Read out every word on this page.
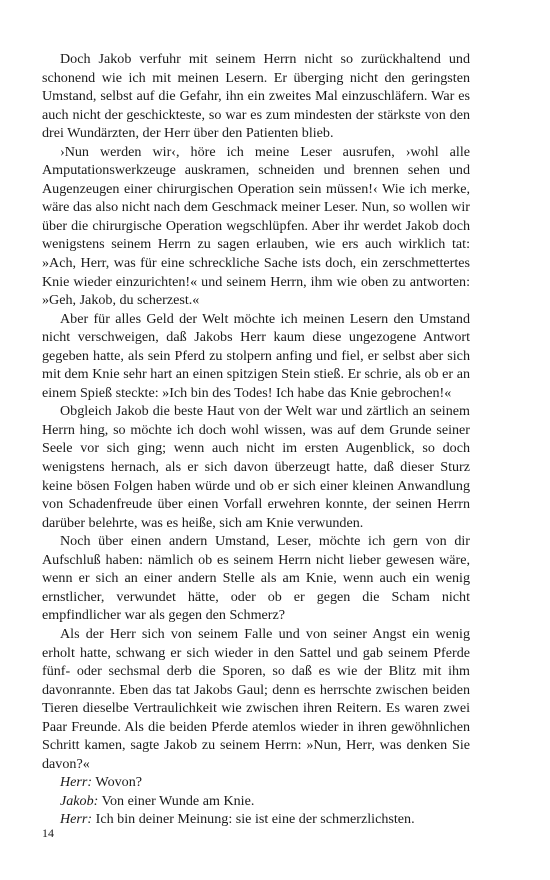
Doch Jakob verfuhr mit seinem Herrn nicht so zurückhaltend und schonend wie ich mit meinen Lesern. Er überging nicht den geringsten Umstand, selbst auf die Gefahr, ihn ein zweites Mal einzuschläfern. War es auch nicht der geschickteste, so war es zum mindesten der stärkste von den drei Wundärzten, der Herr über den Patienten blieb.

›Nun werden wir‹, höre ich meine Leser ausrufen, ›wohl alle Amputationswerkzeuge auskramen, schneiden und brennen sehen und Augenzeugen einer chirurgischen Operation sein müssen!‹ Wie ich merke, wäre das also nicht nach dem Geschmack meiner Leser. Nun, so wollen wir über die chirurgische Operation wegschlüpfen. Aber ihr werdet Jakob doch wenigstens seinem Herrn zu sagen erlauben, wie ers auch wirklich tat: »Ach, Herr, was für eine schreckliche Sache ists doch, ein zerschmettertes Knie wieder einzurichten!« und seinem Herrn, ihm wie oben zu antworten: »Geh, Jakob, du scherzest.«

Aber für alles Geld der Welt möchte ich meinen Lesern den Umstand nicht verschweigen, daß Jakobs Herr kaum diese ungezogene Antwort gegeben hatte, als sein Pferd zu stolpern anfing und fiel, er selbst aber sich mit dem Knie sehr hart an einen spitzigen Stein stieß. Er schrie, als ob er an einem Spieß steckte: »Ich bin des Todes! Ich habe das Knie gebrochen!«

Obgleich Jakob die beste Haut von der Welt war und zärtlich an seinem Herrn hing, so möchte ich doch wohl wissen, was auf dem Grunde seiner Seele vor sich ging; wenn auch nicht im ersten Augenblick, so doch wenigstens hernach, als er sich davon überzeugt hatte, daß dieser Sturz keine bösen Folgen haben würde und ob er sich einer kleinen Anwandlung von Schadenfreude über einen Vorfall erwehren konnte, der seinen Herrn darüber belehrte, was es heiße, sich am Knie verwunden.

Noch über einen andern Umstand, Leser, möchte ich gern von dir Aufschluß haben: nämlich ob es seinem Herrn nicht lieber gewesen wäre, wenn er sich an einer andern Stelle als am Knie, wenn auch ein wenig ernstlicher, verwundet hätte, oder ob er gegen die Scham nicht empfindlicher war als gegen den Schmerz?

Als der Herr sich von seinem Falle und von seiner Angst ein wenig erholt hatte, schwang er sich wieder in den Sattel und gab seinem Pferde fünf- oder sechsmal derb die Sporen, so daß es wie der Blitz mit ihm davonrannte. Eben das tat Jakobs Gaul; denn es herrschte zwischen beiden Tieren dieselbe Vertraulichkeit wie zwischen ihren Reitern. Es waren zwei Paar Freunde. Als die beiden Pferde atemlos wieder in ihren gewöhnlichen Schritt kamen, sagte Jakob zu seinem Herrn: »Nun, Herr, was denken Sie davon?«

Herr: Wovon?

Jakob: Von einer Wunde am Knie.

Herr: Ich bin deiner Meinung: sie ist eine der schmerzlichsten.

14
